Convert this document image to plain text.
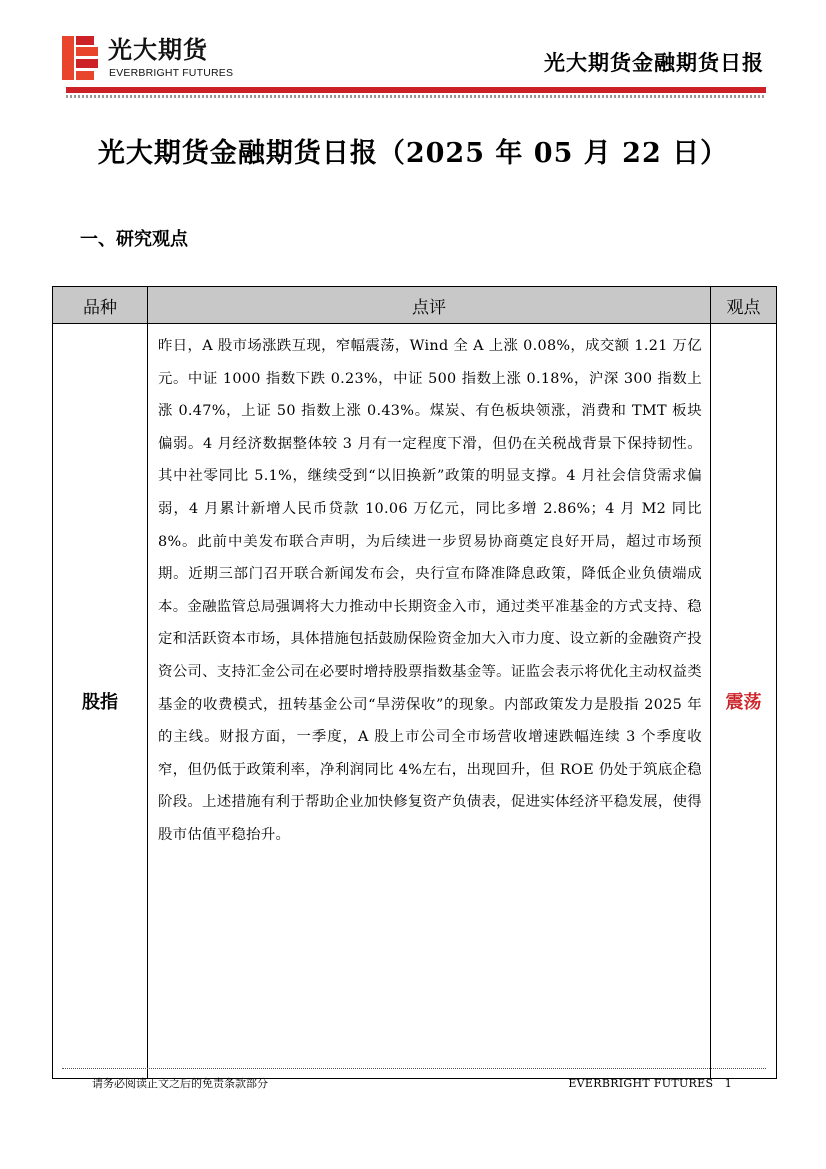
光大期货
EVERBRIGHT FUTURES	光大期货金融期货日报
光大期货金融期货日报（2025 年 05 月 22 日）
一、研究观点
品种	点评	观点
股指	昨日，A 股市场涨跌互现，窄幅震荡，Wind 全 A 上涨 0.08%，成交额 1.21 万亿元。中证 1000 指数下跌 0.23%，中证 500 指数上涨 0.18%，沪深 300 指数上涨 0.47%，上证 50 指数上涨 0.43%。煤炭、有色板块领涨，消费和 TMT 板块偏弱。4 月经济数据整体较 3 月有一定程度下滑，但仍在关税战背景下保持韧性。其中社零同比 5.1%，继续受到“以旧换新”政策的明显支撑。4 月社会信贷需求偏弱，4 月累计新增人民币贷款 10.06 万亿元，同比多增 2.86%；4 月 M2 同比 8%。此前中美发布联合声明，为后续进一步贸易协商奠定良好开局，超过市场预期。近期三部门召开联合新闻发布会，央行宣布降准降息政策，降低企业负债端成本。金融监管总局强调将大力推动中长期资金入市，通过类平准基金的方式支持、稳定和活跃资本市场，具体措施包括鼓励保险资金加大入市力度、设立新的金融资产投资公司、支持汇金公司在必要时增持股票指数基金等。证监会表示将优化主动权益类基金的收费模式，扭转基金公司“旱涝保收”的现象。内部政策发力是股指 2025 年的主线。财报方面，一季度，A 股上市公司全市场营收增速跌幅连续 3 个季度收窄，但仍低于政策利率，净利润同比 4%左右，出现回升，但 ROE 仍处于筑底企稳阶段。上述措施有利于帮助企业加快修复资产负债表，促进实体经济平稳发展，使得股市估值平稳抬升。	震荡
请务必阅读正文之后的免责条款部分	EVERBRIGHT FUTURES 1
